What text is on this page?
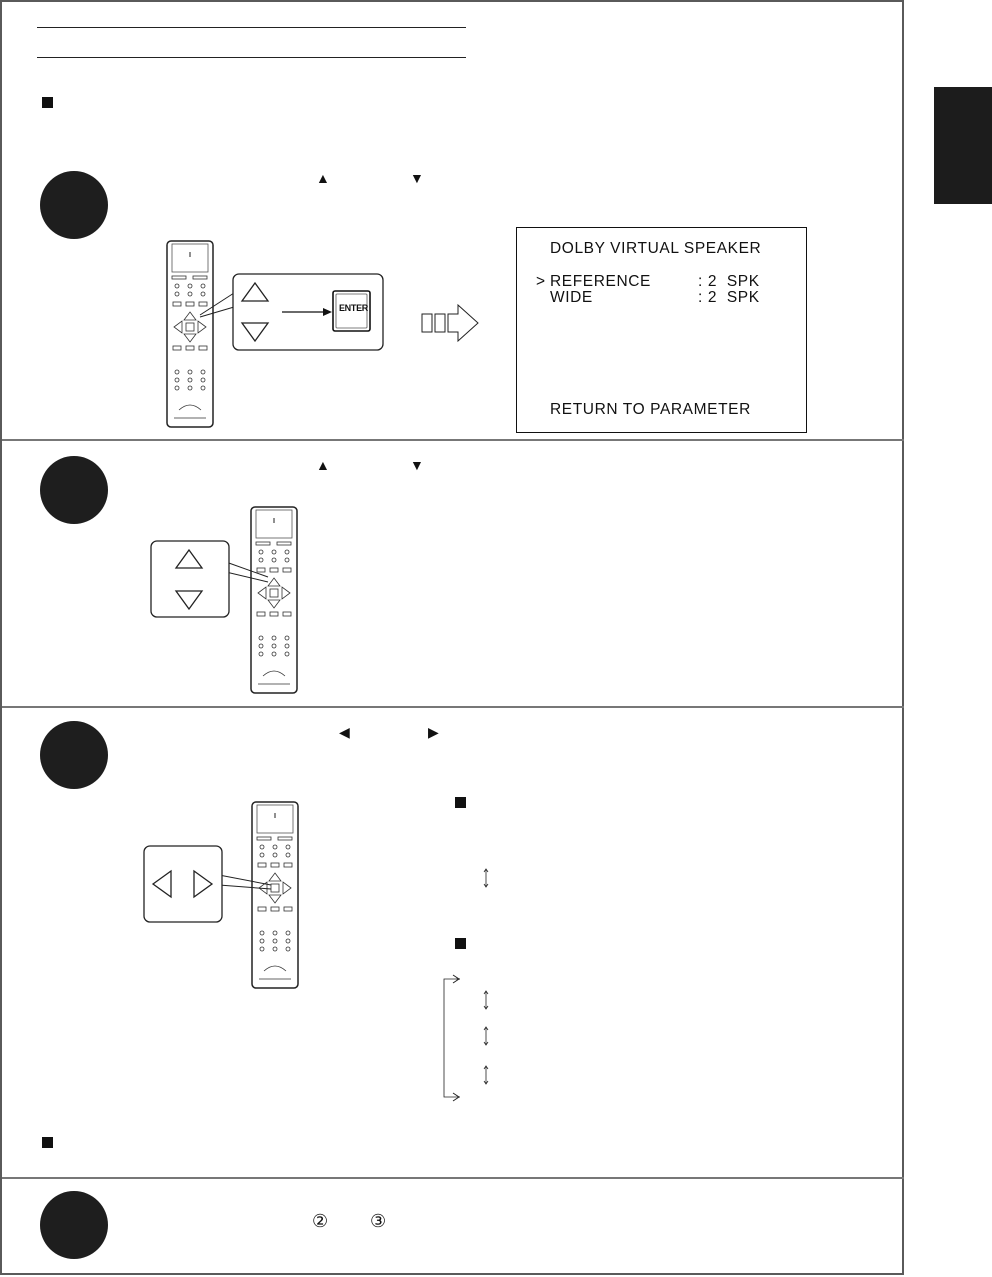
▲	▼
▲	▼
◀	▶
② ③
ENTER
DOLBY VIRTUAL SPEAKER
> REFERENCE	: 2  SPK
WIDE	: 2  SPK
RETURN TO PARAMETER
